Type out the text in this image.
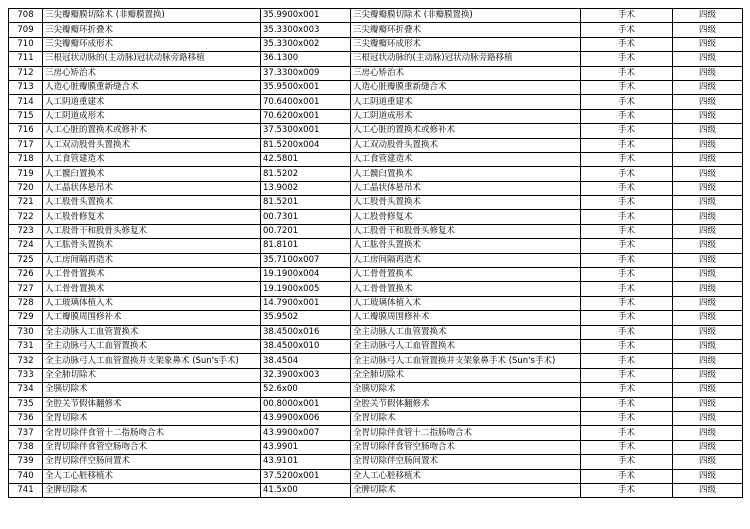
708	三尖瓣瓣膜切除术 (非瓣膜置换)	35.9900x001	三尖瓣瓣膜切除术 (非瓣膜置换)	手术	四级
709	三尖瓣瓣环折叠术	35.3300x003	三尖瓣瓣环折叠术	手术	四级
710	三尖瓣瓣环成形术	35.3300x002	三尖瓣瓣环成形术	手术	四级
711	三根冠状动脉的(主动脉)冠状动脉旁路移植	36.1300	三根冠状动脉的(主动脉)冠状动脉旁路移植	手术	四级
712	三房心矫治术	37.3300x009	三房心矫治术	手术	四级
713	人造心脏瓣膜重新缝合术	35.9500x001	人造心脏瓣膜重新缝合术	手术	四级
714	人工阴道重建术	70.6400x001	人工阴道重建术	手术	四级
715	人工阴道成形术	70.6200x001	人工阴道成形术	手术	四级
716	人工心脏的置换术或修补术	37.5300x001	人工心脏的置换术或修补术	手术	四级
717	人工双动股骨头置换术	81.5200x004	人工双动股骨头置换术	手术	四级
718	人工食管建造术	42.5801	人工食管建造术	手术	四级
719	人工髋臼置换术	81.5202	人工髋臼置换术	手术	四级
720	人工晶状体悬吊术	13.9002	人工晶状体悬吊术	手术	四级
721	人工股骨头置换术	81.5201	人工股骨头置换术	手术	四级
722	人工股骨修复术	00.7301	人工股骨修复术	手术	四级
723	人工股骨干和股骨头修复术	00.7201	人工股骨干和股骨头修复术	手术	四级
724	人工肱骨头置换术	81.8101	人工肱骨头置换术	手术	四级
725	人工房间隔再造术	35.7100x007	人工房间隔再造术	手术	四级
726	人工骨骨置换术	19.1900x004	人工骨骨置换术	手术	四级
727	人工骨骨置换术	19.1900x005	人工骨骨置换术	手术	四级
728	人工玻璃体植入术	14.7900x001	人工玻璃体植入术	手术	四级
729	人工瓣膜周围修补术	35.9502	人工瓣膜周围修补术	手术	四级
730	全主动脉人工血管置换术	38.4500x016	全主动脉人工血管置换术	手术	四级
731	全主动脉弓人工血管置换术	38.4500x010	全主动脉弓人工血管置换术	手术	四级
732	全主动脉弓人工血管置换并支架象鼻术 (Sun's手术)	38.4504	全主动脉弓人工血管置换并支架象鼻手术 (Sun's手术)	手术	四级
733	全全肺切除术	32.3900x003	全全肺切除术	手术	四级
734	全胰切除术	52.6x00	全胰切除术	手术	四级
735	全腔关节假体翻修术	00.8000x001	全腔关节假体翻修术	手术	四级
736	全胃切除术	43.9900x006	全胃切除术	手术	四级
737	全胃切除伴食管十二指肠吻合术	43.9900x007	全胃切除伴食管十二指肠吻合术	手术	四级
738	全胃切除伴食管空肠吻合术	43.9901	全胃切除伴食管空肠吻合术	手术	四级
739	全胃切除伴空肠间置术	43.9101	全胃切除伴空肠间置术	手术	四级
740	全人工心脏移植术	37.5200x001	全人工心脏移植术	手术	四级
741	全脾切除术	41.5x00	全脾切除术	手术	四级
